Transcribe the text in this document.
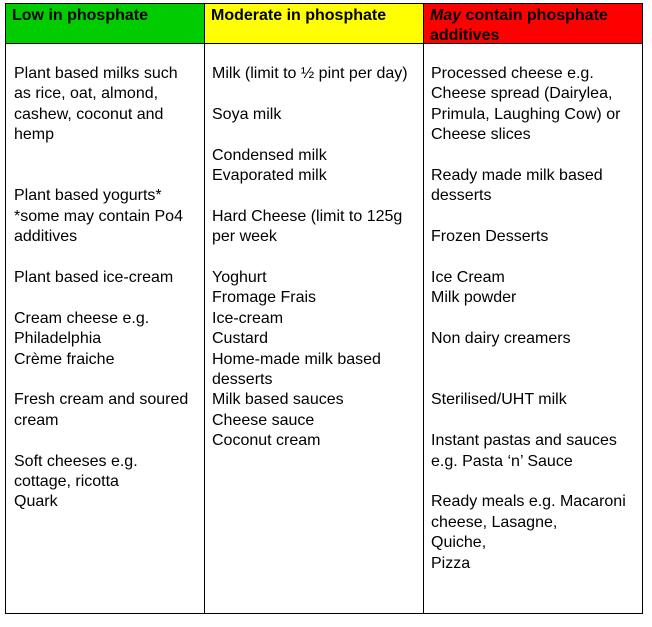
Low in phosphate
Plant based milks such as rice, oat, almond, cashew, coconut and hemp
Plant based yogurts*
*some may contain Po4 additives
Plant based ice-cream
Cream cheese e.g. Philadelphia
Crème fraiche
Fresh cream and soured cream
Soft cheeses e.g. cottage, ricotta
Quark
Moderate in phosphate
Milk (limit to ½ pint per day)
Soya milk
Condensed milk
Evaporated milk
Hard Cheese (limit to 125g per week
Yoghurt
Fromage Frais
Ice-cream
Custard
Home-made milk based desserts
Milk based sauces
Cheese sauce
Coconut cream
May contain phosphate additives
Processed cheese e.g. Cheese spread (Dairylea, Primula, Laughing Cow) or Cheese slices
Ready made milk based desserts
Frozen Desserts
Ice Cream
Milk powder
Non dairy creamers
Sterilised/UHT milk
Instant pastas and sauces e.g. Pasta ‘n’ Sauce
Ready meals e.g. Macaroni cheese, Lasagne,
Quiche,
Pizza
